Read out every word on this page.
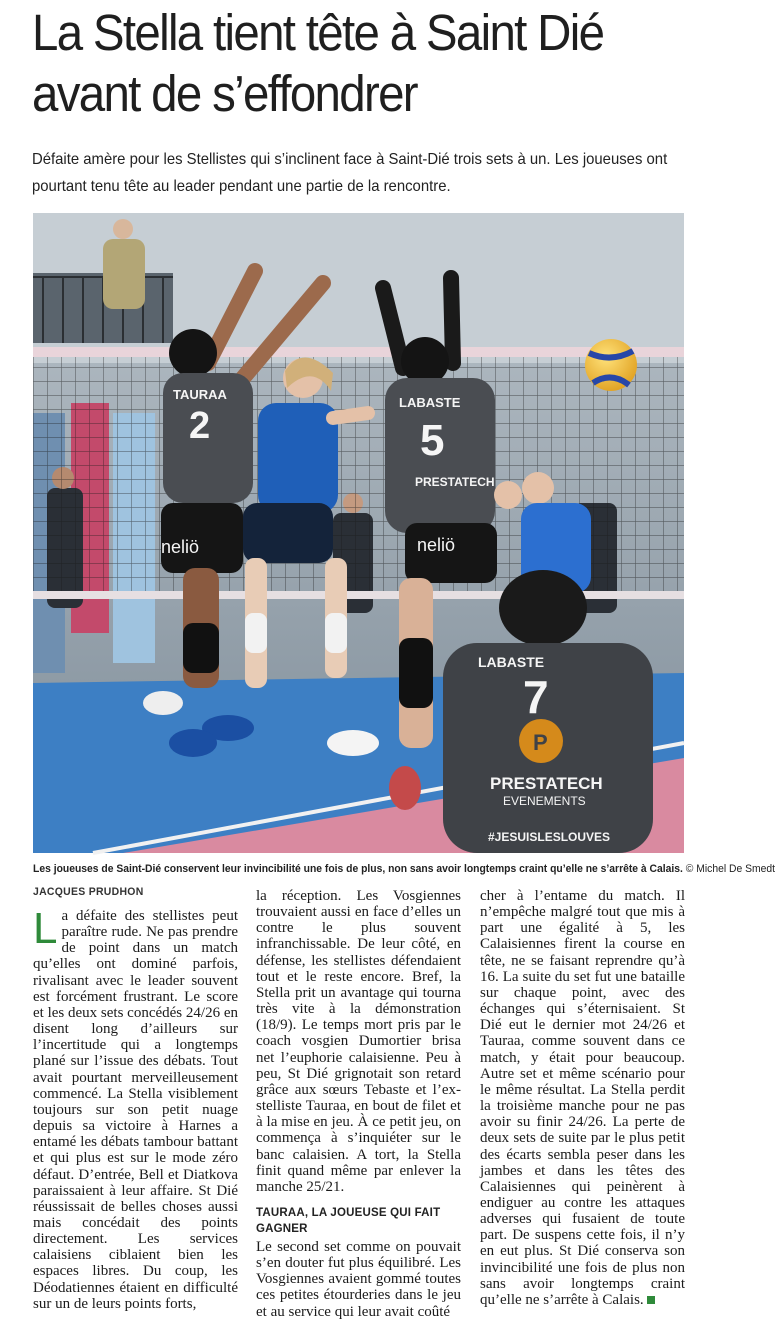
La Stella tient tête à Saint Dié avant de s’effondrer
Défaite amère pour les Stellistes qui s’inclinent face à Saint-Dié trois sets à un. Les joueuses ont pourtant tenu tête au leader pendant une partie de la rencontre.
TAURAA
2
neliö
LABASTE
5
PRESTATECH
neliö
P
LABASTE
7
PRESTATECH
EVENEMENTS
#JESUISLESLOUVES
Les joueuses de Saint-Dié conservent leur invincibilité une fois de plus, non sans avoir longtemps craint qu’elle ne s’arrête à Calais. © Michel De Smedt
JACQUES PRUDHON

La défaite des stellistes peut paraître rude. Ne pas prendre de point dans un match qu’elles ont dominé parfois, rivalisant avec le leader souvent est forcément frustrant. Le score et les deux sets concédés 24/26 en disent long d’ailleurs sur l’incertitude qui a longtemps plané sur l’issue des débats. Tout avait pourtant merveilleusement commencé. La Stella visiblement toujours sur son petit nuage depuis sa victoire à Harnes a entamé les débats tambour battant et qui plus est sur le mode zéro défaut. D’entrée, Bell et Diatkova paraissaient à leur affaire. St Dié réussissait de belles choses aussi mais concédait des points directement. Les services calaisiens ciblaient bien les espaces libres. Du coup, les Déodatiennes étaient en difficulté sur un de leurs points forts,

la réception. Les Vosgiennes trouvaient aussi en face d’elles un contre le plus souvent infranchissable. De leur côté, en défense, les stellistes défendaient tout et le reste encore. Bref, la Stella prit un avantage qui tourna très vite à la démonstration (18/9). Le temps mort pris par le coach vosgien Dumortier brisa net l’euphorie calaisienne. Peu à peu, St Dié grignotait son retard grâce aux sœurs Tebaste et l’ex-stelliste Tauraa, en bout de filet et à la mise en jeu. À ce petit jeu, on commença à s’inquiéter sur le banc calaisien. A tort, la Stella finit quand même par enlever la manche 25/21.

TAURAA, LA JOUEUSE QUI FAIT GAGNER

Le second set comme on pouvait s’en douter fut plus équilibré. Les Vosgiennes avaient gommé toutes ces petites étourderies dans le jeu et au service qui leur avait coûté

cher à l’entame du match. Il n’empêche malgré tout que mis à part une égalité à 5, les Calaisiennes firent la course en tête, ne se faisant reprendre qu’à 16. La suite du set fut une bataille sur chaque point, avec des échanges qui s’éternisaient. St Dié eut le dernier mot 24/26 et Tauraa, comme souvent dans ce match, y était pour beaucoup. Autre set et même scénario pour le même résultat. La Stella perdit la troisième manche pour ne pas avoir su finir 24/26. La perte de deux sets de suite par le plus petit des écarts sembla peser dans les jambes et dans les têtes des Calaisiennes qui peinèrent à endiguer au contre les attaques adverses qui fusaient de toute part. De suspens cette fois, il n’y en eut plus. St Dié conserva son invincibilité une fois de plus non sans avoir longtemps craint qu’elle ne s’arrête à Calais.
